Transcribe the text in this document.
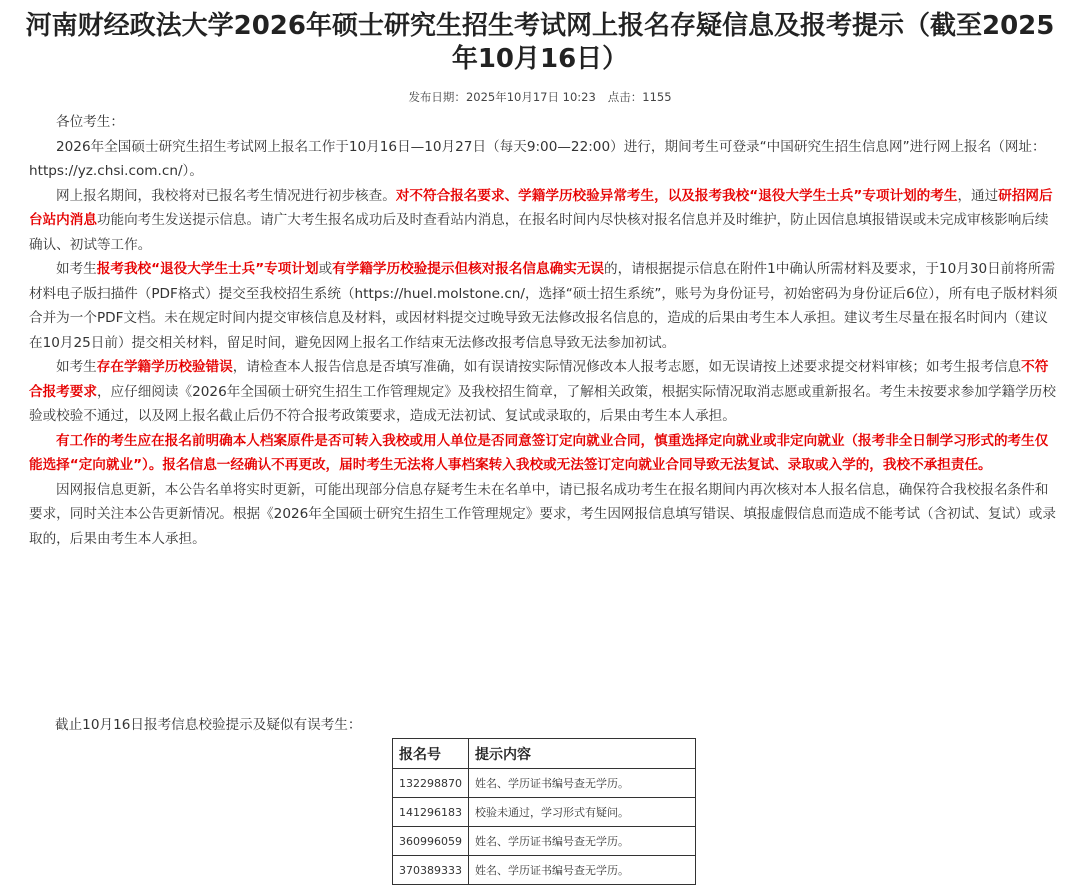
河南财经政法大学2026年硕士研究生招生考试网上报名存疑信息及报考提示（截至2025年10月16日）
发布日期：2025年10月17日 10:23 点击：1155

各位考生：

2026年全国硕士研究生招生考试网上报名工作于10月16日—10月27日（每天9:00—22:00）进行，期间考生可登录“中国研究生招生信息网”进行网上报名（网址：https://yz.chsi.com.cn/）。

网上报名期间，我校将对已报名考生情况进行初步核查。对不符合报名要求、学籍学历校验异常考生，以及报考我校“退役大学生士兵”专项计划的考生，通过研招网后台站内消息功能向考生发送提示信息。请广大考生报名成功后及时查看站内消息，在报名时间内尽快核对报名信息并及时维护，防止因信息填报错误或未完成审核影响后续确认、初试等工作。

如考生报考我校“退役大学生士兵”专项计划或有学籍学历校验提示但核对报名信息确实无误的，请根据提示信息在附件1中确认所需材料及要求，于10月30日前将所需材料电子版扫描件（PDF格式）提交至我校招生系统（https://huel.molstone.cn/，选择“硕士招生系统”，账号为身份证号，初始密码为身份证后6位），所有电子版材料须合并为一个PDF文档。未在规定时间内提交审核信息及材料，或因材料提交过晚导致无法修改报名信息的，造成的后果由考生本人承担。建议考生尽量在报名时间内（建议在10月25日前）提交相关材料，留足时间，避免因网上报名工作结束无法修改报考信息导致无法参加初试。

如考生存在学籍学历校验错误，请检查本人报告信息是否填写准确，如有误请按实际情况修改本人报考志愿，如无误请按上述要求提交材料审核；如考生报考信息不符合报考要求，应仔细阅读《2026年全国硕士研究生招生工作管理规定》及我校招生简章，了解相关政策，根据实际情况取消志愿或重新报名。考生未按要求参加学籍学历校验或校验不通过，以及网上报名截止后仍不符合报考政策要求，造成无法初试、复试或录取的，后果由考生本人承担。

有工作的考生应在报名前明确本人档案原件是否可转入我校或用人单位是否同意签订定向就业合同，慎重选择定向就业或非定向就业（报考非全日制学习形式的考生仅能选择“定向就业”）。报名信息一经确认不再更改，届时考生无法将人事档案转入我校或无法签订定向就业合同导致无法复试、录取或入学的，我校不承担责任。

因网报信息更新，本公告名单将实时更新，可能出现部分信息存疑考生未在名单中，请已报名成功考生在报名期间内再次核对本人报名信息，确保符合我校报名条件和要求，同时关注本公告更新情况。根据《2026年全国硕士研究生招生工作管理规定》要求，考生因网报信息填写错误、填报虚假信息而造成不能考试（含初试、复试）或录取的，后果由考生本人承担。

截止10月16日报考信息校验提示及疑似有误考生：
报名号	提示内容
132298870	姓名、学历证书编号查无学历。
141296183	校验未通过，学习形式有疑问。
360996059	姓名、学历证书编号查无学历。
370389333	姓名、学历证书编号查无学历。
